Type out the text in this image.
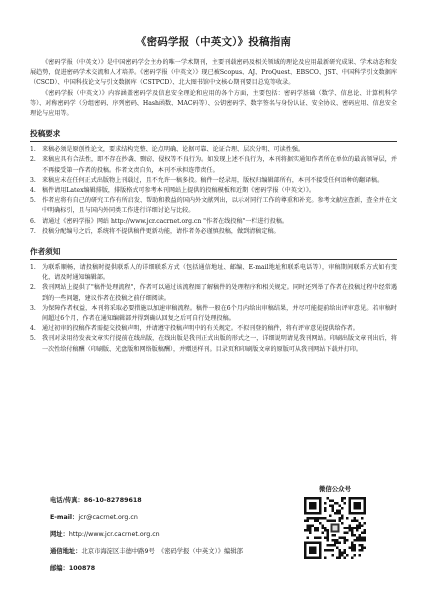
《密码学报（中英文）》投稿指南

《密码学报（中英文）》是中国密码学会主办的唯一学术期刊，主要刊载密码及相关领域的理论及应用最新研究成果、学术动态和发展趋势，促进密码学术交流和人才培养。《密码学报（中英文）》现已被Scopus、AJ、ProQuest、EBSCO、JST、中国科学引文数据库（CSCD）、中国科技论文与引文数据库（CSTPCD）、北大图书馆中文核心期刊要目总览等收录。

《密码学报（中英文）》内容涵盖密码学及信息安全理论和应用的各个方面，主要包括：密码学基础（数学、信息论、计算机科学等）、对称密码学（分组密码、序列密码、Hash函数、MAC码等）、公钥密码学、数字签名与身份认证、安全协议、密码应用、信息安全理论与应用等。

投稿要求
1.	来稿必须是原创性论文，要求结构完整、论点明确、论据可靠、论证合理、层次分明、可读性强。
2.	来稿应具有合法性，即不存在抄袭、剽窃、侵权等不良行为。如发现上述不良行为，本刊将据实通知作者所在单位的最高领导层，并不再接受第一作者的投稿。作者文责自负，本刊不承担连带责任。
3.	来稿应未在任何正式出版物上刊载过，且不允许一稿多投。稿件一经录用，版权归编辑部所有，本刊不接受任何语种的翻译稿。
4.	稿件请用Latex编辑排版，排版格式可参考本刊网站上提供的投稿模板和近期《密码学报（中英文）》。
5.	作者应将有自己的研究工作有所启发、帮助和教益的国内外文献列出，以示对同行工作的尊重和补充。参考文献应查新，查全并在文中明确标引，且与国内外同类工作进行详细讨论与比较。
6.	请通过《密码学报》网站 http://www.jcr.cacrnet.org.cn "作者在线投稿"一栏进行投稿。
7.	投稿分配编号之后，系统将不提供稿件更新功能，请作者务必谨慎投稿，做到清稿定稿。
作者须知
1.	为联系顺畅，请投稿时提供联系人的详细联系方式（包括通信地址、邮编、E-mail地址和联系电话等），审稿期间联系方式如有变化，请及时通知编辑部。
2.	我刊网站上提供了"稿件处理流程"，作者可以通过该流程图了解稿件的处理程序和相关规定。同时还列举了作者在投稿过程中经常遇到的一些问题，建议作者在投稿之前仔细阅读。
3.	为保障作者权益，本刊将采取必要措施以加速审稿流程。稿件一般在6个月内给出审稿结果，并尽可能提前给出评审意见。若审稿时间超过6个月，作者在通知编辑部并得到确认回复之后可自行处理投稿。
4.	通过初审的投稿作者需提交投稿声明，并请遵守投稿声明中的有关规定。不拟刊登的稿件，将有评审意见提供给作者。
5.	我刊对录用待发表文章实行提前在线出版，在线出版是我刊正式出版的形式之一，详细说明请见我刊网站。印刷出版文章刊出后，将一次性给付稿酬（印刷版、光盘版和网络版稿酬），并赠送样刊。目录页和印刷版文章的原版可从我刊网站下载并打印。
电话/传真：86-10-82789618
E-mail：jcr@cacrnet.org.cn
网址：http://www.jcr.cacrnet.org.cn
通信地址：北京市海淀区丰德中路9号　《密码学报（中英文）》编辑部
邮编：100878
微信公众号
